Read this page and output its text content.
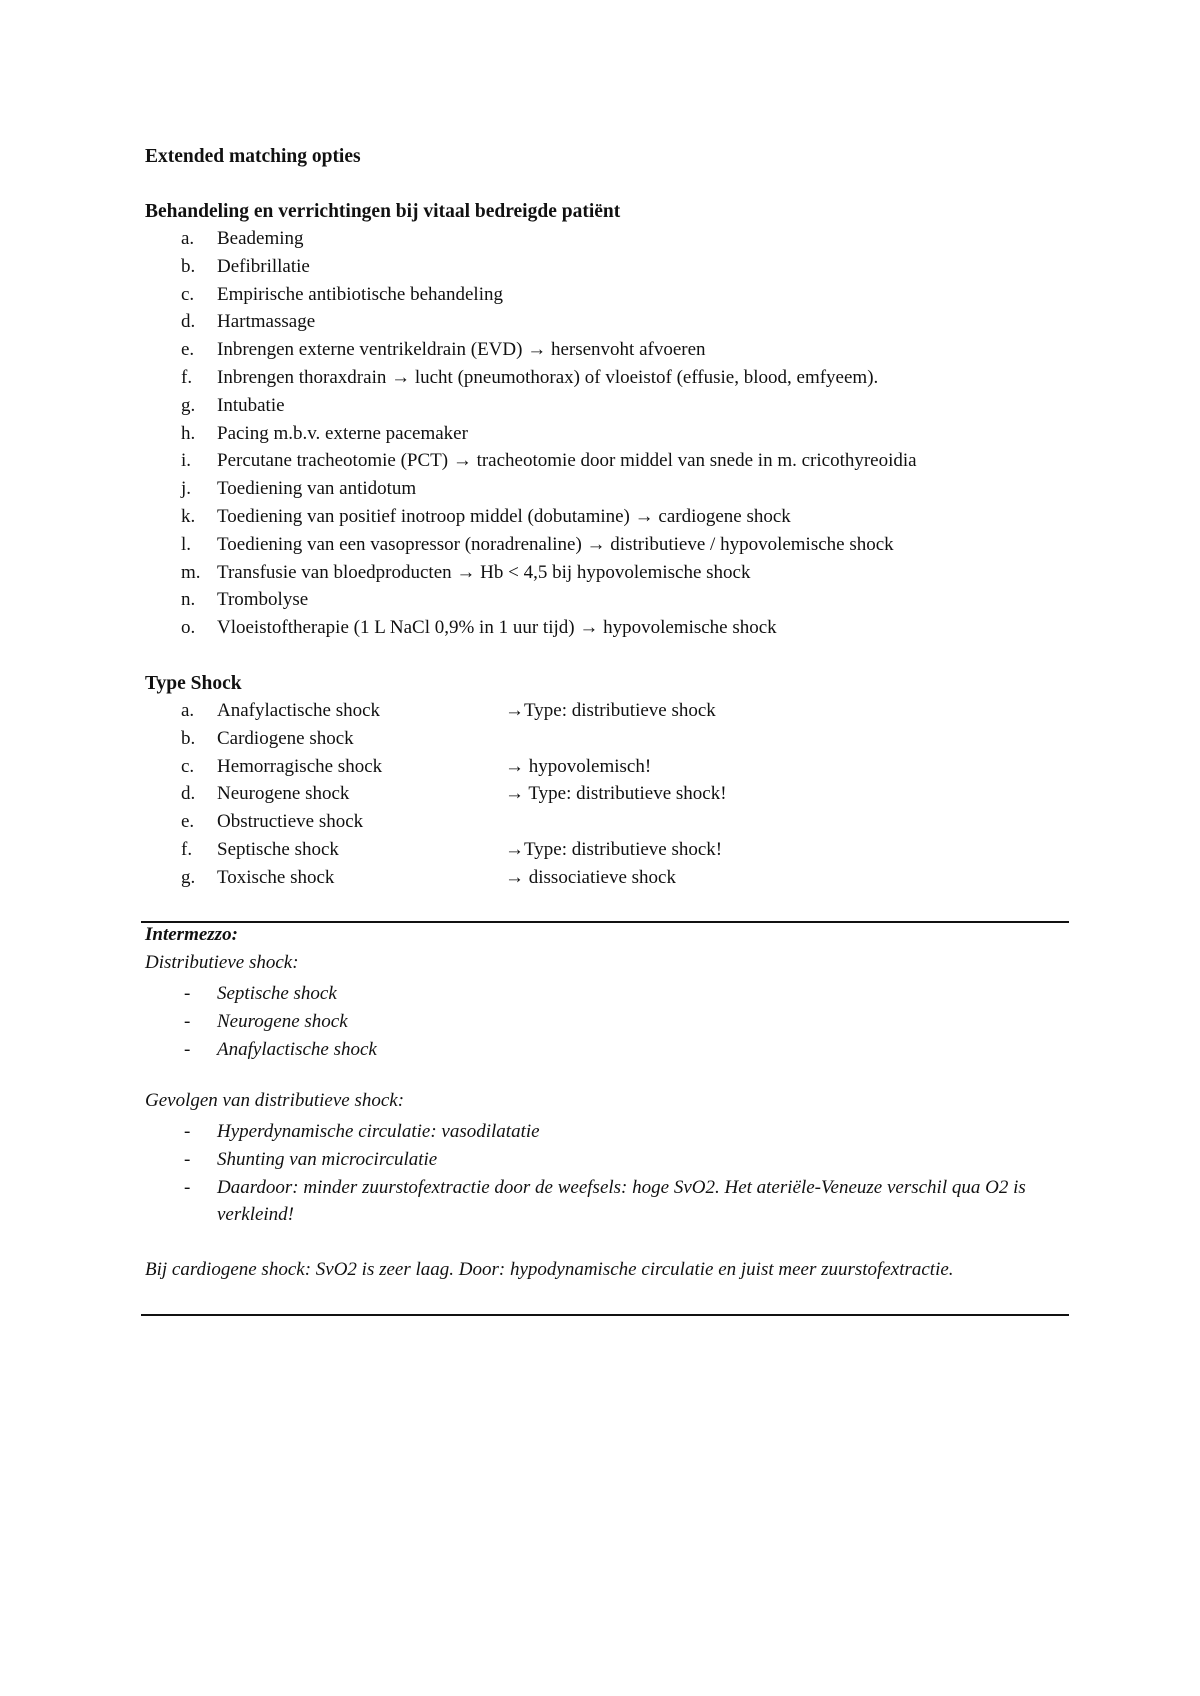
Extended matching opties
Behandeling en verrichtingen bij vitaal bedreigde patiënt
a. Beademing
b. Defibrillatie
c. Empirische antibiotische behandeling
d. Hartmassage
e. Inbrengen externe ventrikeldrain (EVD) → hersenvoht afvoeren
f. Inbrengen thoraxdrain → lucht (pneumothorax) of vloeistof (effusie, blood, emfyeem).
g. Intubatie
h. Pacing m.b.v. externe pacemaker
i. Percutane tracheotomie (PCT) → tracheotomie door middel van snede in m. cricothyreoidia
j. Toediening van antidotum
k. Toediening van positief inotroop middel (dobutamine) → cardiogene shock
l. Toediening van een vasopressor (noradrenaline) → distributieve / hypovolemische shock
m. Transfusie van bloedproducten → Hb < 4,5 bij hypovolemische shock
n. Trombolyse
o. Vloeistoftherapie (1 L NaCl 0,9% in 1 uur tijd) → hypovolemische shock
Type Shock
a. Anafylactische shock	→Type: distributieve shock
b. Cardiogene shock
c. Hemorragische shock	→ hypovolemisch!
d. Neurogene shock	→ Type: distributieve shock!
e. Obstructieve shock
f. Septische shock	→Type: distributieve shock!
g. Toxische shock	→ dissociatieve shock
Intermezzo:
Distributieve shock:
- Septische shock
- Neurogene shock
- Anafylactische shock
Gevolgen van distributieve shock:
- Hyperdynamische circulatie: vasodilatatie
- Shunting van microcirculatie
- Daardoor: minder zuurstofextractie door de weefsels: hoge SvO2. Het ateriële-Veneuze verschil qua O2 is verkleind!
Bij cardiogene shock: SvO2 is zeer laag. Door: hypodynamische circulatie en juist meer zuurstofextractie.
